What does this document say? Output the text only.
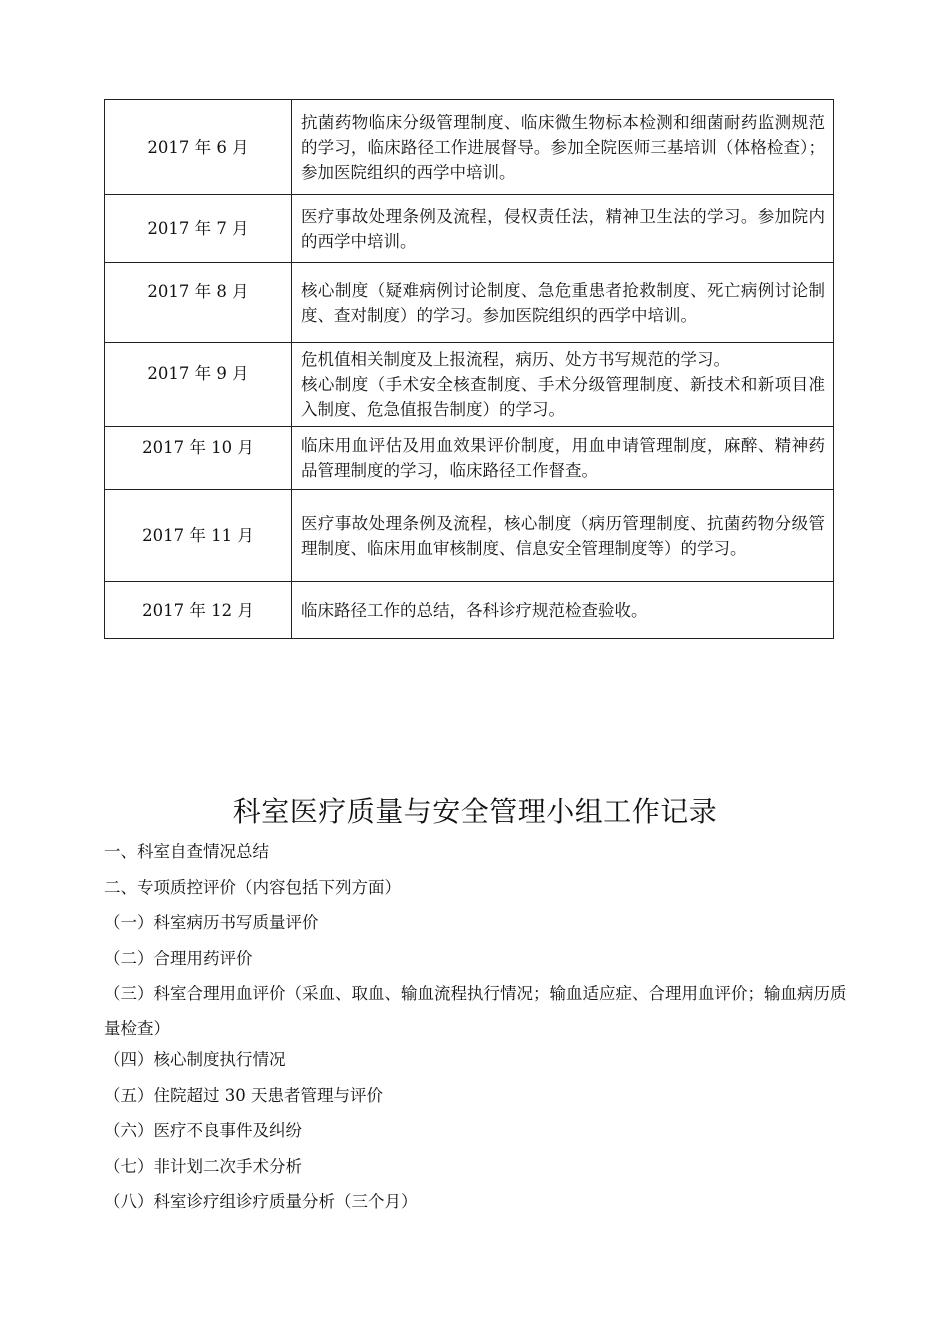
2017 年 6 月	抗菌药物临床分级管理制度、临床微生物标本检测和细菌耐药监测规范的学习，临床路径工作进展督导。参加全院医师三基培训（体格检查）；参加医院组织的西学中培训。
2017 年 7 月	医疗事故处理条例及流程，侵权责任法，精神卫生法的学习。参加院内的西学中培训。
2017 年 8 月	核心制度（疑难病例讨论制度、急危重患者抢救制度、死亡病例讨论制度、查对制度）的学习。参加医院组织的西学中培训。
2017 年 9 月	危机值相关制度及上报流程，病历、处方书写规范的学习。
核心制度（手术安全核查制度、手术分级管理制度、新技术和新项目准入制度、危急值报告制度）的学习。

2017 年 10 月	临床用血评估及用血效果评价制度，用血申请管理制度，麻醉、精神药品管理制度的学习，临床路径工作督查。
2017 年 11 月	医疗事故处理条例及流程，核心制度（病历管理制度、抗菌药物分级管理制度、临床用血审核制度、信息安全管理制度等）的学习。
2017 年 12 月	临床路径工作的总结，各科诊疗规范检查验收。
科室医疗质量与安全管理小组工作记录
一、科室自查情况总结
二、专项质控评价（内容包括下列方面）
（一）科室病历书写质量评价
（二）合理用药评价
（三）科室合理用血评价（采血、取血、输血流程执行情况；输血适应症、合理用血评价；输血病历质量检查）
（四）核心制度执行情况
（五）住院超过 30 天患者管理与评价
（六）医疗不良事件及纠纷
（七）非计划二次手术分析
（八）科室诊疗组诊疗质量分析（三个月）
